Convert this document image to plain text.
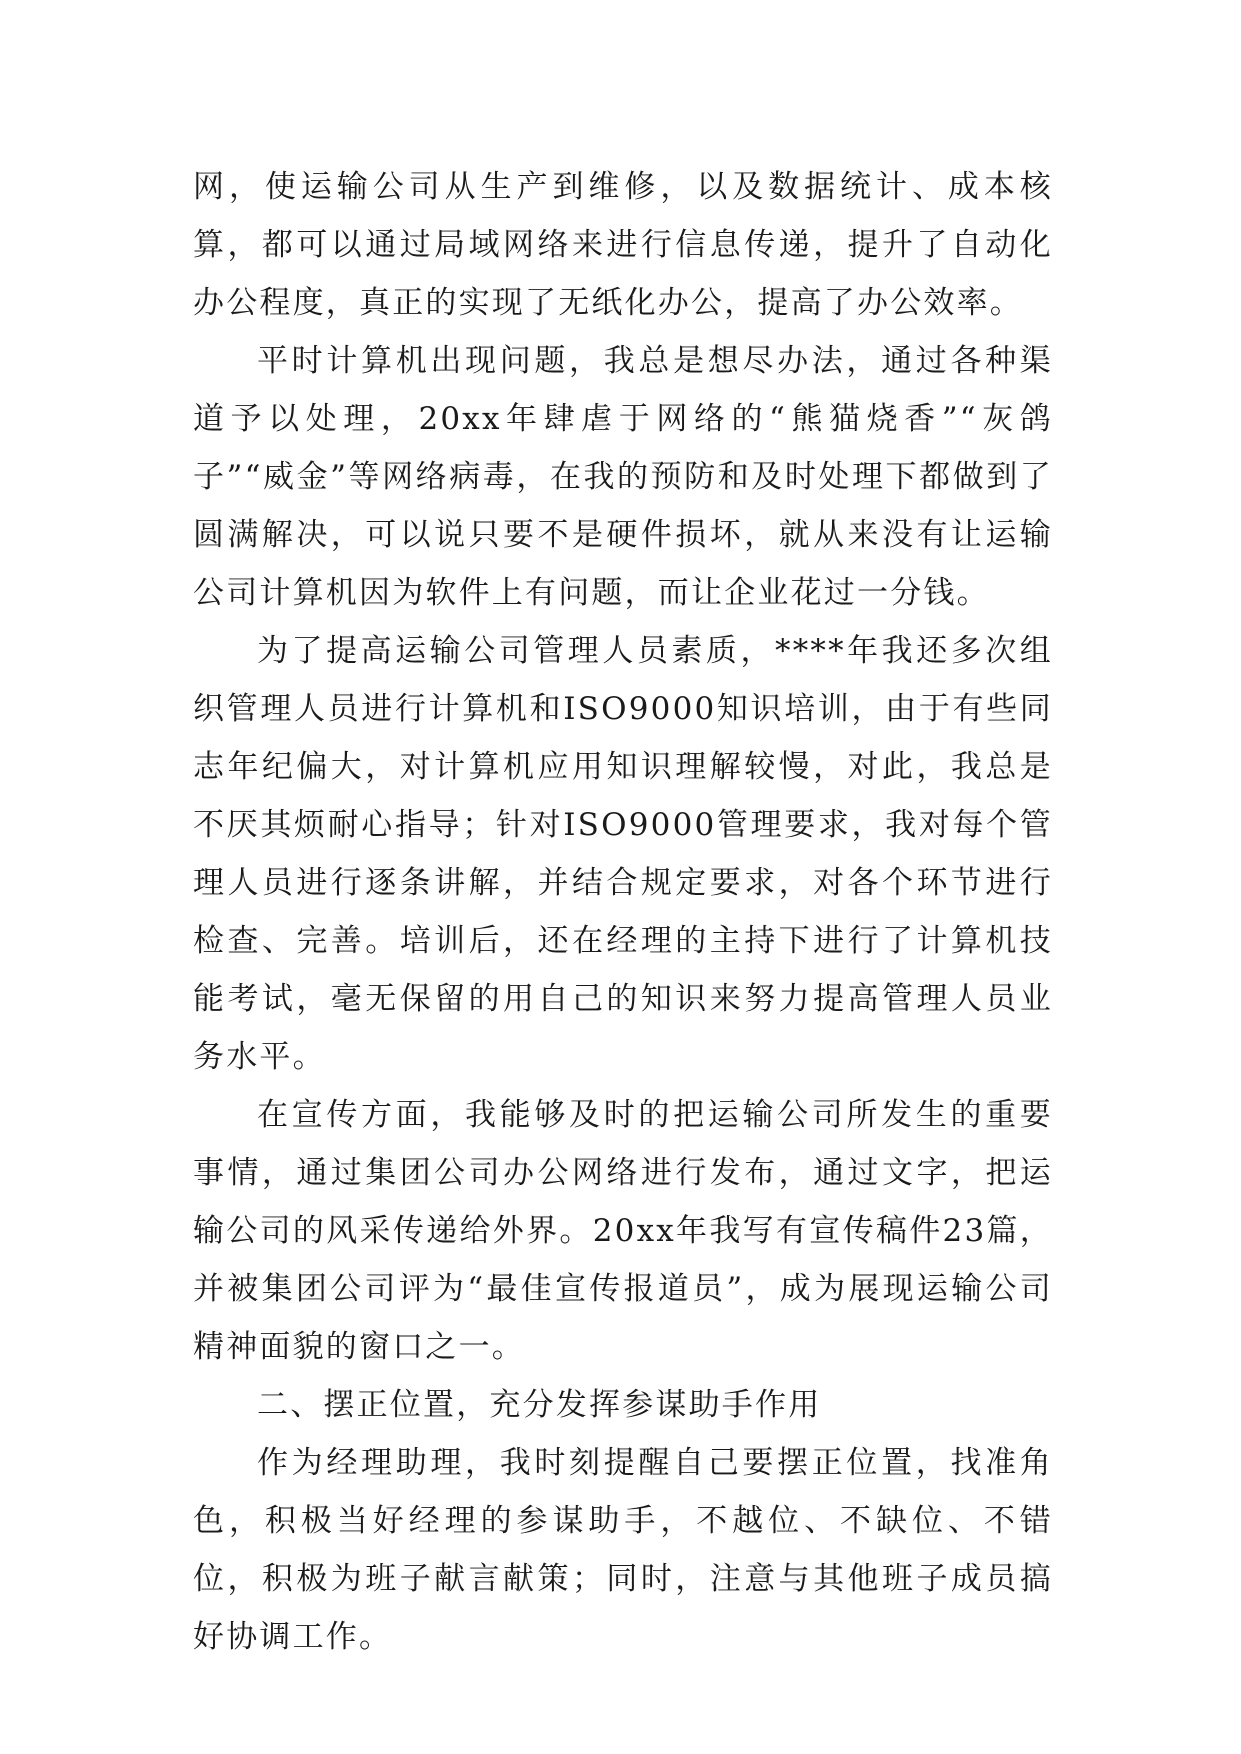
网，使运输公司从生产到维修，以及数据统计、成本核算，都可以通过局域网络来进行信息传递，提升了自动化办公程度，真正的实现了无纸化办公，提高了办公效率。

平时计算机出现问题，我总是想尽办法，通过各种渠道予以处理，20xx年肆虐于网络的“熊猫烧香”“灰鸽子”“威金”等网络病毒，在我的预防和及时处理下都做到了圆满解决，可以说只要不是硬件损坏，就从来没有让运输公司计算机因为软件上有问题，而让企业花过一分钱。

为了提高运输公司管理人员素质，****年我还多次组织管理人员进行计算机和ISO9000知识培训，由于有些同志年纪偏大，对计算机应用知识理解较慢，对此，我总是不厌其烦耐心指导；针对ISO9000管理要求，我对每个管理人员进行逐条讲解，并结合规定要求，对各个环节进行检查、完善。培训后，还在经理的主持下进行了计算机技能考试，毫无保留的用自己的知识来努力提高管理人员业务水平。

在宣传方面，我能够及时的把运输公司所发生的重要事情，通过集团公司办公网络进行发布，通过文字，把运输公司的风采传递给外界。20xx年我写有宣传稿件23篇，并被集团公司评为“最佳宣传报道员”，成为展现运输公司精神面貌的窗口之一。

二、摆正位置，充分发挥参谋助手作用

作为经理助理，我时刻提醒自己要摆正位置，找准角色，积极当好经理的参谋助手，不越位、不缺位、不错位，积极为班子献言献策；同时，注意与其他班子成员搞好协调工作。
